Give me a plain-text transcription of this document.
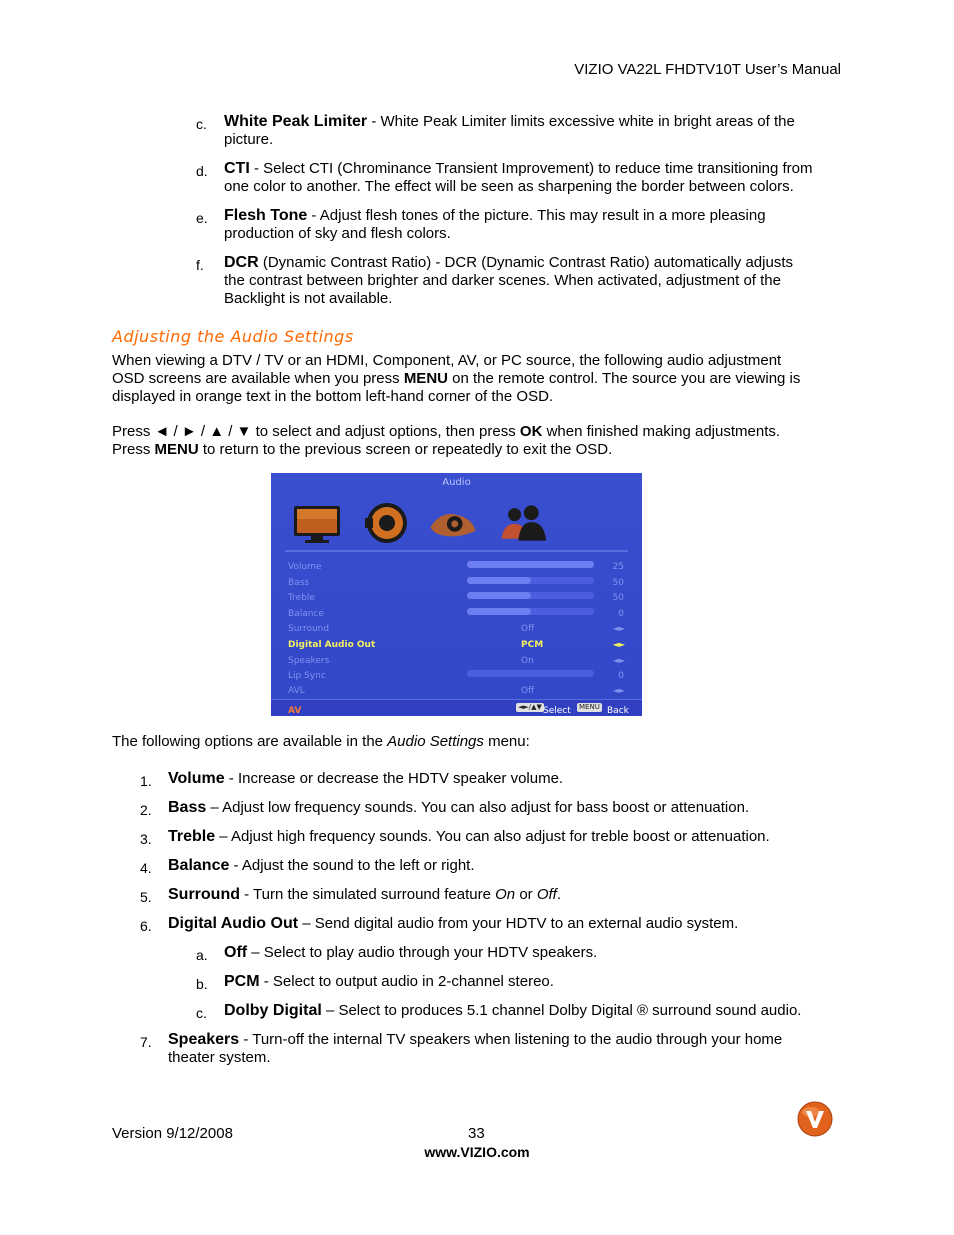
VIZIO VA22L FHDTV10T User’s Manual
c. White Peak Limiter - White Peak Limiter limits excessive white in bright areas of the
picture.
d. CTI - Select CTI (Chrominance Transient Improvement) to reduce time transitioning from
one color to another. The effect will be seen as sharpening the border between colors.
e. Flesh Tone - Adjust flesh tones of the picture. This may result in a more pleasing
production of sky and flesh colors.
f. DCR (Dynamic Contrast Ratio) - DCR (Dynamic Contrast Ratio) automatically adjusts
the contrast between brighter and darker scenes. When activated, adjustment of the
Backlight is not available.
Adjusting the Audio Settings
When viewing a DTV / TV or an HDMI, Component, AV, or PC source, the following audio adjustment
OSD screens are available when you press MENU on the remote control. The source you are viewing is
displayed in orange text in the bottom left-hand corner of the OSD.
Press ◄ / ► / ▲ / ▼ to select and adjust options, then press OK when finished making adjustments.
Press MENU to return to the previous screen or repeatedly to exit the OSD.
Audio
Volume	25
Bass	50
Treble	50
Balance	0
Surround	Off	◄►
Digital Audio Out	PCM	◄►
Speakers	On	◄►
Lip Sync	0
AVL	Off	◄►
AV	◄►/▲▼ Select MENU Back
The following options are available in the Audio Settings menu:
1. Volume - Increase or decrease the HDTV speaker volume.
2. Bass – Adjust low frequency sounds. You can also adjust for bass boost or attenuation.
3. Treble – Adjust high frequency sounds. You can also adjust for treble boost or attenuation.
4. Balance - Adjust the sound to the left or right.
5. Surround - Turn the simulated surround feature On or Off.
6. Digital Audio Out – Send digital audio from your HDTV to an external audio system.
a. Off – Select to play audio through your HDTV speakers.
b. PCM - Select to output audio in 2-channel stereo.
c. Dolby Digital – Select to produces 5.1 channel Dolby Digital ® surround sound audio.
7. Speakers - Turn-off the internal TV speakers when listening to the audio through your home
theater system.
Version 9/12/2008	33
www.VIZIO.com
